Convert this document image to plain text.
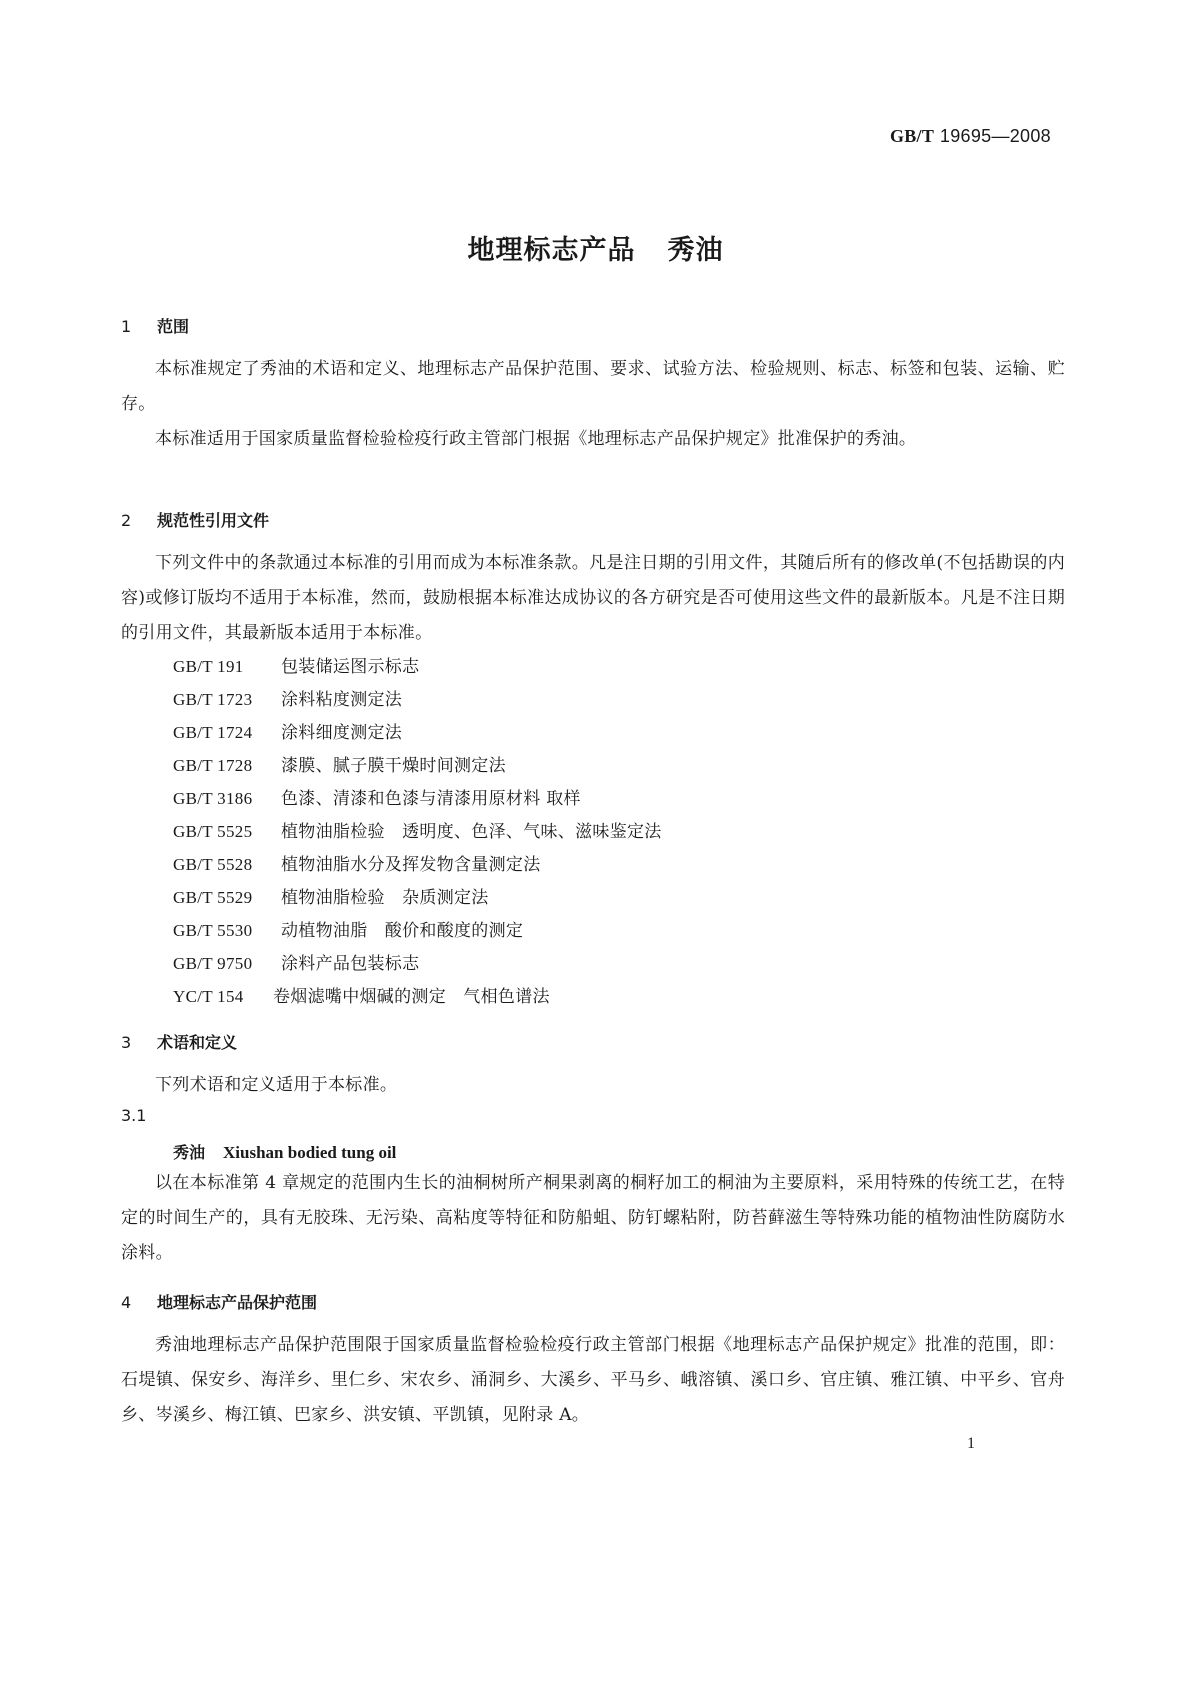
GB/T 19695—2008
地理标志产品 秀油
1 范围
本标准规定了秀油的术语和定义、地理标志产品保护范围、要求、试验方法、检验规则、标志、标签和包装、运输、贮存。
本标准适用于国家质量监督检验检疫行政主管部门根据《地理标志产品保护规定》批准保护的秀油。
2 规范性引用文件
下列文件中的条款通过本标准的引用而成为本标准条款。凡是注日期的引用文件，其随后所有的修改单(不包括勘误的内容)或修订版均不适用于本标准，然而，鼓励根据本标准达成协议的各方研究是否可使用这些文件的最新版本。凡是不注日期的引用文件，其最新版本适用于本标准。
GB/T 191 包装储运图示标志
GB/T 1723 涂料粘度测定法
GB/T 1724 涂料细度测定法
GB/T 1728 漆膜、腻子膜干燥时间测定法
GB/T 3186 色漆、清漆和色漆与清漆用原材料 取样
GB/T 5525 植物油脂检验　透明度、色泽、气味、滋味鉴定法
GB/T 5528 植物油脂水分及挥发物含量测定法
GB/T 5529 植物油脂检验　杂质测定法
GB/T 5530 动植物油脂　酸价和酸度的测定
GB/T 9750 涂料产品包装标志
YC/T 154 卷烟滤嘴中烟碱的测定　气相色谱法
3 术语和定义
下列术语和定义适用于本标准。
3.1
秀油 Xiushan bodied tung oil
以在本标准第 4 章规定的范围内生长的油桐树所产桐果剥离的桐籽加工的桐油为主要原料，采用特殊的传统工艺，在特定的时间生产的，具有无胶珠、无污染、高粘度等特征和防船蛆、防钉螺粘附，防苔藓滋生等特殊功能的植物油性防腐防水涂料。
4 地理标志产品保护范围
秀油地理标志产品保护范围限于国家质量监督检验检疫行政主管部门根据《地理标志产品保护规定》批准的范围，即：石堤镇、保安乡、海洋乡、里仁乡、宋农乡、涌洞乡、大溪乡、平马乡、峨溶镇、溪口乡、官庄镇、雅江镇、中平乡、官舟乡、岑溪乡、梅江镇、巴家乡、洪安镇、平凯镇，见附录 A。
1
